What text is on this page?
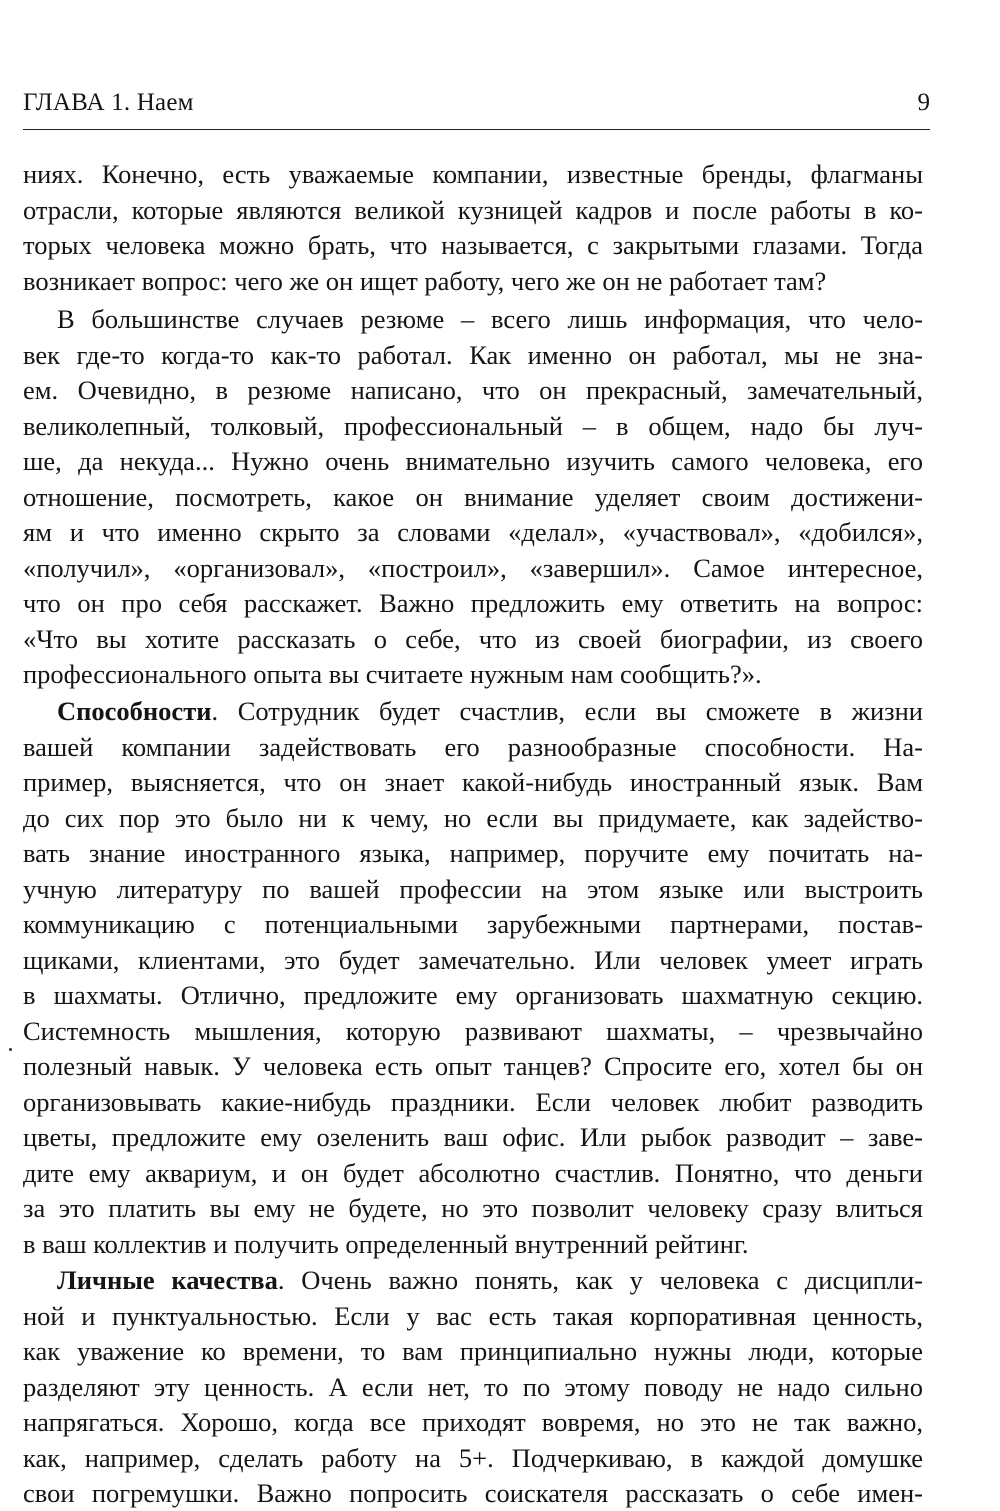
ГЛАВА 1. Наем	9
ниях. Конечно, есть уважаемые компании, известные бренды, флагманы
отрасли, которые являются великой кузницей кадров и после работы в ко-
торых человека можно брать, что называется, с закрытыми глазами. Тогда
возникает вопрос: чего же он ищет работу, чего же он не работает там?
В большинстве случаев резюме – всего лишь информация, что чело-
век где-то когда-то как-то работал. Как именно он работал, мы не зна-
ем. Очевидно, в резюме написано, что он прекрасный, замечательный,
великолепный, толковый, профессиональный – в общем, надо бы луч-
ше, да некуда... Нужно очень внимательно изучить самого человека, его
отношение, посмотреть, какое он внимание уделяет своим достижени-
ям и что именно скрыто за словами «делал», «участвовал», «добился»,
«получил», «организовал», «построил», «завершил». Самое интересное,
что он про себя расскажет. Важно предложить ему ответить на вопрос:
«Что вы хотите рассказать о себе, что из своей биографии, из своего
профессионального опыта вы считаете нужным нам сообщить?».
Способности. Сотрудник будет счастлив, если вы сможете в жизни
вашей компании задействовать его разнообразные способности. На-
пример, выясняется, что он знает какой-нибудь иностранный язык. Вам
до сих пор это было ни к чему, но если вы придумаете, как задейство-
вать знание иностранного языка, например, поручите ему почитать на-
учную литературу по вашей профессии на этом языке или выстроить
коммуникацию с потенциальными зарубежными партнерами, постав-
щиками, клиентами, это будет замечательно. Или человек умеет играть
в шахматы. Отлично, предложите ему организовать шахматную секцию.
Системность мышления, которую развивают шахматы, – чрезвычайно
полезный навык. У человека есть опыт танцев? Спросите его, хотел бы он
организовывать какие-нибудь праздники. Если человек любит разводить
цветы, предложите ему озеленить ваш офис. Или рыбок разводит – заве-
дите ему аквариум, и он будет абсолютно счастлив. Понятно, что деньги
за это платить вы ему не будете, но это позволит человеку сразу влиться
в ваш коллектив и получить определенный внутренний рейтинг.
Личные качества. Очень важно понять, как у человека с дисципли-
ной и пунктуальностью. Если у вас есть такая корпоративная ценность,
как уважение ко времени, то вам принципиально нужны люди, которые
разделяют эту ценность. А если нет, то по этому поводу не надо сильно
напрягаться. Хорошо, когда все приходят вовремя, но это не так важно,
как, например, сделать работу на 5+. Подчеркиваю, в каждой домушке
свои погремушки. Важно попросить соискателя рассказать о себе имен-
